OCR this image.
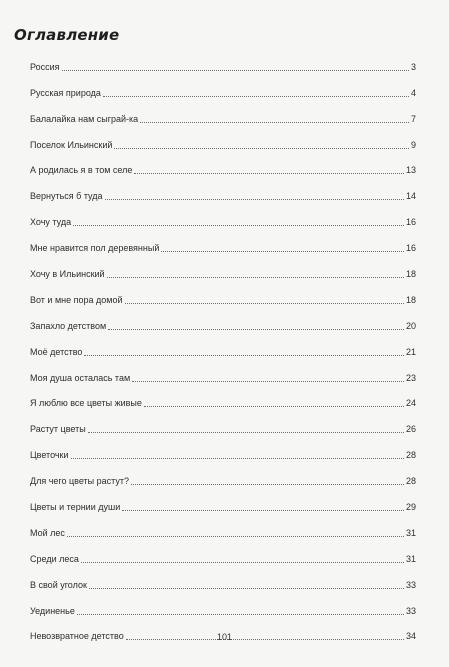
Оглавление
Россия	3
Русская природа	4
Балалайка нам сыграй-ка	7
Поселок Ильинский	9
А родилась я в том селе	13
Вернуться б туда	14
Хочу туда	16
Мне нравится пол деревянный	16
Хочу в Ильинский	18
Вот и мне пора домой	18
Запахло детством	20
Моё детство	21
Моя душа осталась там	23
Я люблю все цветы живые	24
Растут цветы	26
Цветочки	28
Для чего цветы растут?	28
Цветы и тернии души	29
Мой лес	31
Среди леса	31
В свой уголок	33
Уединенье	33
Невозвратное детство	34
101
